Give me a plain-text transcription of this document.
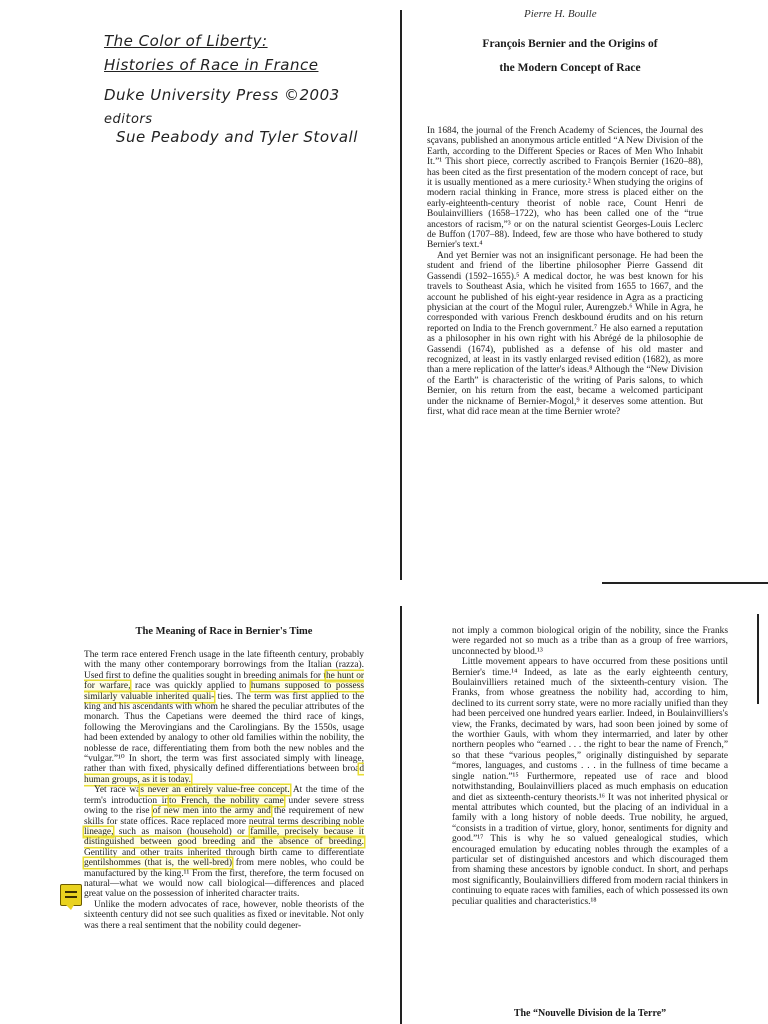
The Color of Liberty:
Histories of Race in France
Duke University Press ©2003
editors
Sue Peabody and Tyler Stovall
Pierre H. Boulle
François Bernier and the Origins of
the Modern Concept of Race

In 1684, the journal of the French Academy of Sciences, the Journal des sçavans, published an anonymous article entitled “A New Division of the Earth, according to the Different Species or Races of Men Who Inhabit It.”¹ This short piece, correctly ascribed to François Bernier (1620–88), has been cited as the first presentation of the modern concept of race, but it is usually mentioned as a mere curiosity.² When studying the origins of modern racial thinking in France, more stress is placed either on the early-eighteenth-century theorist of noble race, Count Henri de Boulainvilliers (1658–1722), who has been called one of the “true ancestors of racism,”³ or on the natural scientist Georges-Louis Leclerc de Buffon (1707–88). Indeed, few are those who have bothered to study Bernier's text.⁴

And yet Bernier was not an insignificant personage. He had been the student and friend of the libertine philosopher Pierre Gassend dit Gassendi (1592–1655).⁵ A medical doctor, he was best known for his travels to Southeast Asia, which he visited from 1655 to 1667, and the account he published of his eight-year residence in Agra as a practicing physician at the court of the Mogul ruler, Aurengzeb.⁶ While in Agra, he corresponded with various French deskbound érudits and on his return reported on India to the French government.⁷ He also earned a reputation as a philosopher in his own right with his Abrégé de la philosophie de Gassendi (1674), published as a defense of his old master and recognized, at least in its vastly enlarged revised edition (1682), as more than a mere replication of the latter's ideas.⁸ Although the “New Division of the Earth” is characteristic of the writing of Paris salons, to which Bernier, on his return from the east, became a welcomed participant under the nickname of Bernier-Mogol,⁹ it deserves some attention. But first, what did race mean at the time Bernier wrote?

The Meaning of Race in Bernier's Time

The term race entered French usage in the late fifteenth century, probably with the many other contemporary borrowings from the Italian (razza). Used first to define the qualities sought in breeding animals for the hunt or for warfare, race was quickly applied to humans supposed to possess similarly valuable inherited quali- ties. The term was first applied to the king and his ascendants with whom he shared the peculiar attributes of the monarch. Thus the Capetians were deemed the third race of kings, following the Merovingians and the Carolingians. By the 1550s, usage had been extended by analogy to other old families within the nobility, the noblesse de race, differentiating them from both the new nobles and the “vulgar.”¹⁰ In short, the term was first associated simply with lineage, rather than with fixed, physically defined differentiations between broad human groups, as it is today.

Yet race was never an entirely value-free concept. At the time of the term's introduction into French, the nobility came under severe stress owing to the rise of new men into the army and the requirement of new skills for state offices. Race replaced more neutral terms describing noble lineage, such as maison (household) or famille, precisely because it distinguished between good breeding and the absence of breeding. Gentility and other traits inherited through birth came to differentiate gentilshommes (that is, the well-bred) from mere nobles, who could be manufactured by the king.¹¹ From the first, therefore, the term focused on natural—what we would now call biological—differences and placed great value on the possession of inherited character traits.

Unlike the modern advocates of race, however, noble theorists of the sixteenth century did not see such qualities as fixed or inevitable. Not only was there a real sentiment that the nobility could degener-

not imply a common biological origin of the nobility, since the Franks were regarded not so much as a tribe than as a group of free warriors, unconnected by blood.¹³

Little movement appears to have occurred from these positions until Bernier's time.¹⁴ Indeed, as late as the early eighteenth century, Boulainvilliers retained much of the sixteenth-century vision. The Franks, from whose greatness the nobility had, according to him, declined to its current sorry state, were no more racially unified than they had been perceived one hundred years earlier. Indeed, in Boulainvilliers's view, the Franks, decimated by wars, had soon been joined by some of the worthier Gauls, with whom they intermarried, and later by other northern peoples who “earned . . . the right to bear the name of French,” so that these “various peoples,” originally distinguished by separate “mores, languages, and customs . . . in the fullness of time became a single nation.”¹⁵ Furthermore, repeated use of race and blood notwithstanding, Boulainvilliers placed as much emphasis on education and diet as sixteenth-century theorists.¹⁶ It was not inherited physical or mental attributes which counted, but the placing of an individual in a family with a long history of noble deeds. True nobility, he argued, “consists in a tradition of virtue, glory, honor, sentiments for dignity and good.”¹⁷ This is why he so valued genealogical studies, which encouraged emulation by educating nobles through the examples of a particular set of distinguished ancestors and which discouraged them from shaming these ancestors by ignoble conduct. In short, and perhaps most significantly, Boulainvilliers differed from modern racial thinkers in continuing to equate races with families, each of which possessed its own peculiar qualities and characteristics.¹⁸

The “Nouvelle Division de la Terre”
